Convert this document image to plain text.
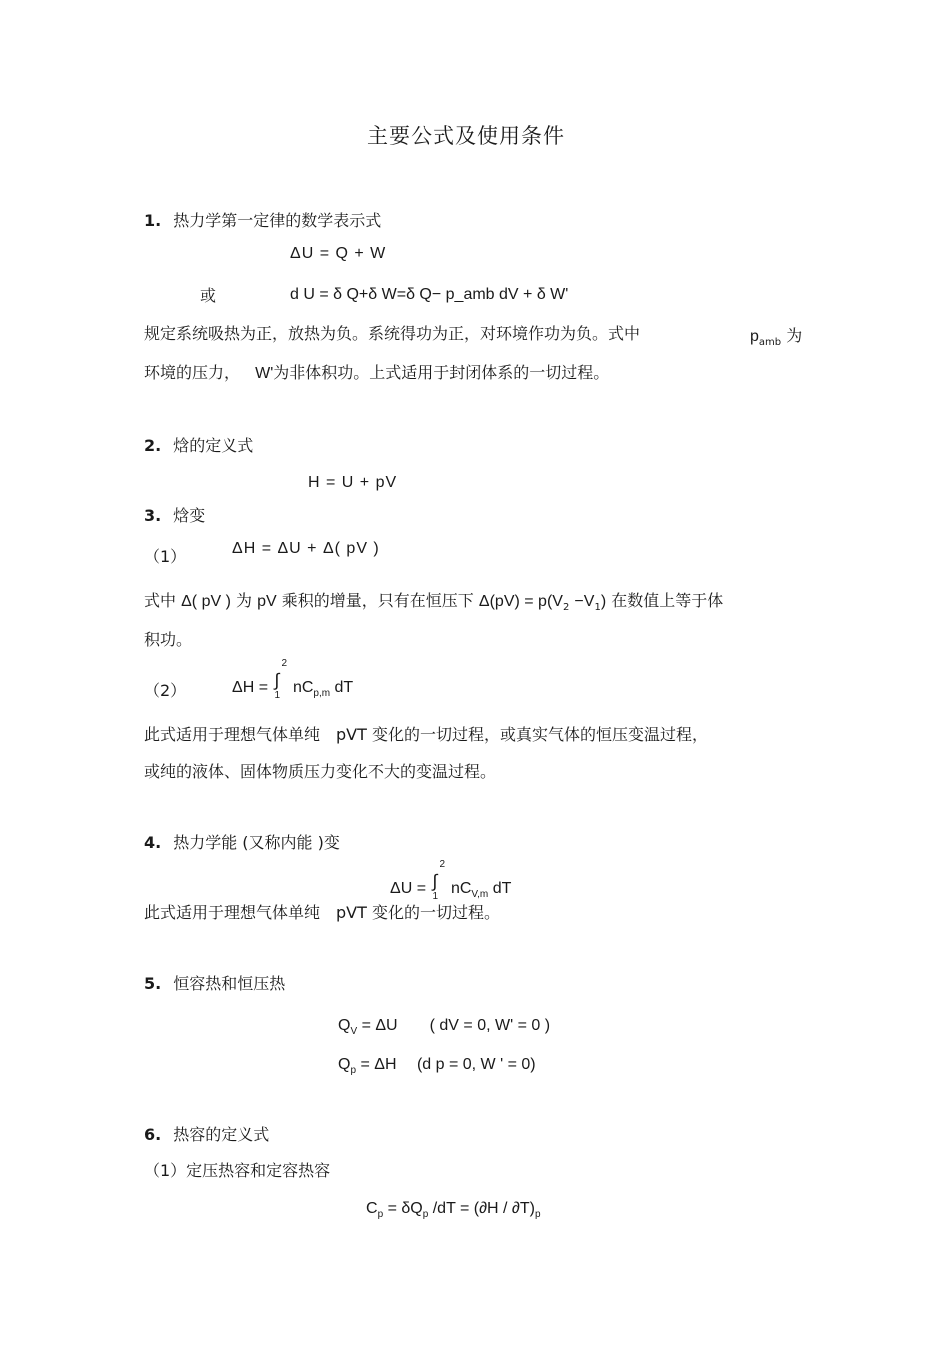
主要公式及使用条件
1. 热力学第一定律的数学表示式
ΔU = Q + W
或	d U = δ Q+δ W=δ Q− p_amb dV + δ W'
规定系统吸热为正，放热为负。系统得功为正，对环境作功为负。式中	$p_{amb}$ 为
环境的压力， W'为非体积功。上式适用于封闭体系的一切过程。
2. 焓的定义式
H = U + pV
3. 焓变
（1）	ΔH = ΔU + Δ( pV )
式中 Δ( pV ) 为 pV 乘积的增量，只有在恒压下 $\Delta(pV) = p(V_2 -V_1)$ 在数值上等于体
积功。
（2）	ΔH = ∫
2
1 $nC_{p,m}$ dT
此式适用于理想气体单纯　pVT 变化的一切过程，或真实气体的恒压变温过程，
或纯的液体、固体物质压力变化不大的变温过程。
4. 热力学能 (又称内能 )变
ΔU = ∫
2
1 $nC_{V,m}$ dT
此式适用于理想气体单纯　pVT 变化的一切过程。
5. 恒容热和恒压热
$Q_V = \Delta U$　　( dV = 0, W' = 0 )
$Q_p = \Delta H$　 (d p = 0, W ' = 0)
6. 热容的定义式
（1）定压热容和定容热容
$C_p = \delta Q_p$ $/dT = (\partial H / \partial T)_p$
